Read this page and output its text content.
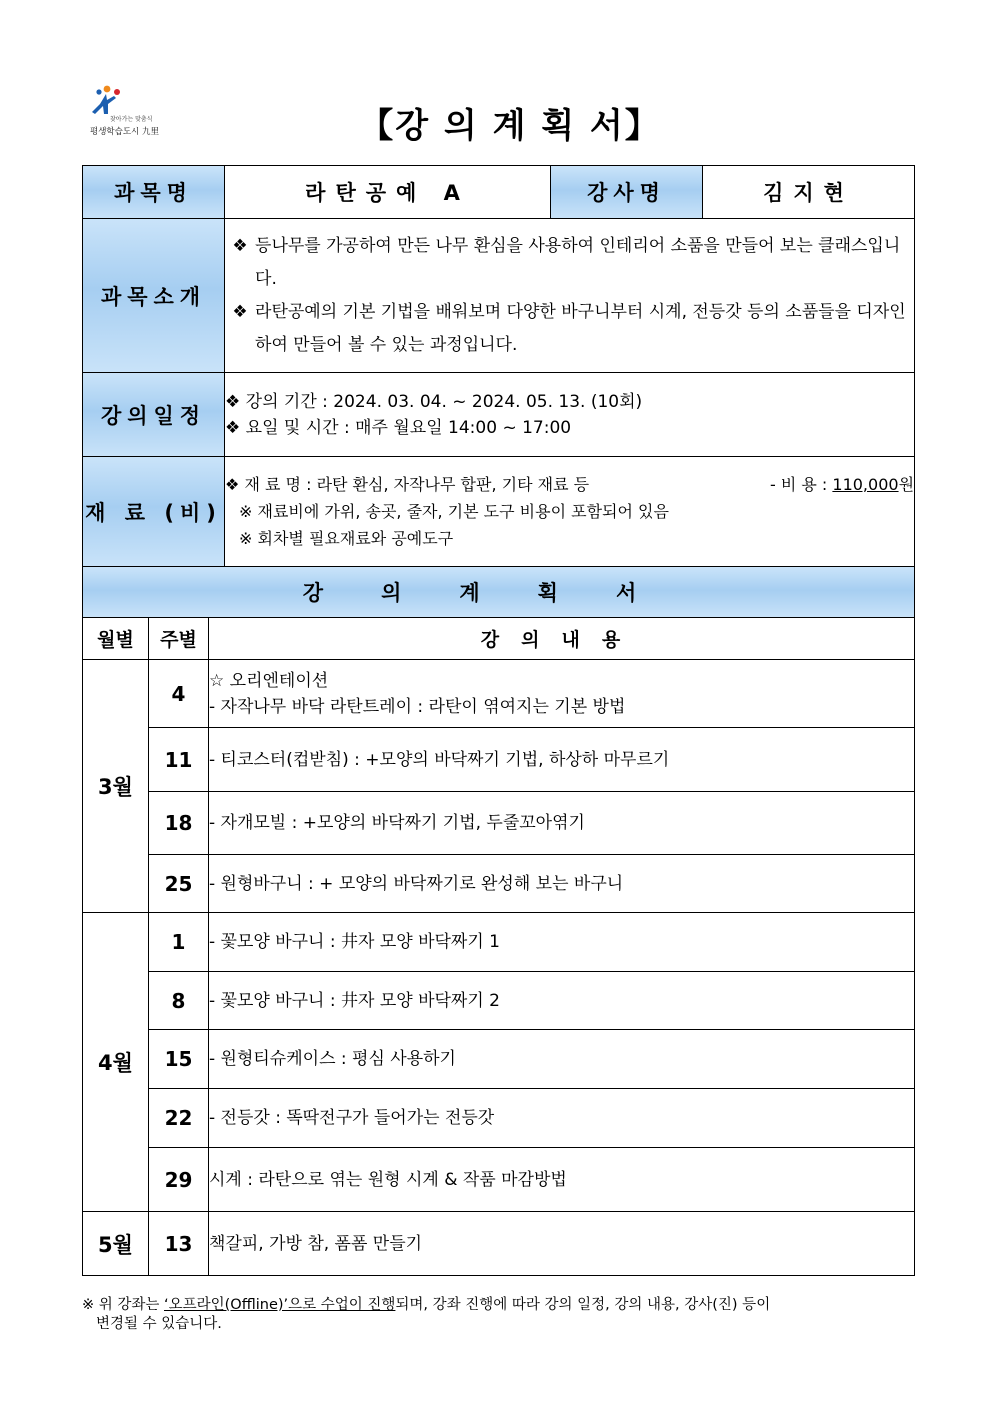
찾아가는 맞춤식
평생학습도시 九里	【강 의 계 획 서】
과목명			라탄공예 A	강사명	김지현
과목소개			❖ 등나무를 가공하여 만든 나무 환심을 사용하여 인테리어 소품을 만들어 보는 클래스입니다.

❖ 라탄공예의 기본 기법을 배워보며 다양한 바구니부터 시계, 전등갓 등의 소품들을 디자인하여 만들어 볼 수 있는 과정입니다.		

강의일정			❖ 강의 기간 : 2024. 03. 04. ~ 2024. 05. 13. (10회)

❖ 요일 및 시간 : 매주 월요일 14:00 ~ 17:00		

재 료 (비)			❖ 재 료 명 : 라탄 환심, 자작나무 합판, 기타 재료 등 - 비 용 : 110,000원

※ 재료비에 가위, 송곳, 줄자, 기본 도구 비용이 포함되어 있음

※ 회차별 필요재료와 공예도구		

강의계획서					
월별	주별	강의내용			
3월	4	☆ 오리엔테이션

- 자작나무 바닥 라탄트레이 : 라탄이 엮여지는 기본 방법			

	11	- 티코스터(컵받침) : +모양의 바닥짜기 기법, 하상하 마무르기			

	18	- 자개모빌 : +모양의 바닥짜기 기법, 두줄꼬아엮기			

	25	- 원형바구니 : + 모양의 바닥짜기로 완성해 보는 바구니			

4월	1	- 꽃모양 바구니 : 井자 모양 바닥짜기 1			

	8	- 꽃모양 바구니 : 井자 모양 바닥짜기 2			

	15	- 원형티슈케이스 : 평심 사용하기			

	22	- 전등갓 : 똑딱전구가 들어가는 전등갓			

	29	시계 : 라탄으로 엮는 원형 시계 & 작품 마감방법			

5월	13	책갈피, 가방 참, 폼폼 만들기			

※ 위 강좌는 ‘오프라인(Offline)’으로 수업이 진행되며, 강좌 진행에 따라 강의 일정, 강의 내용, 강사(진) 등이

변경될 수 있습니다.
